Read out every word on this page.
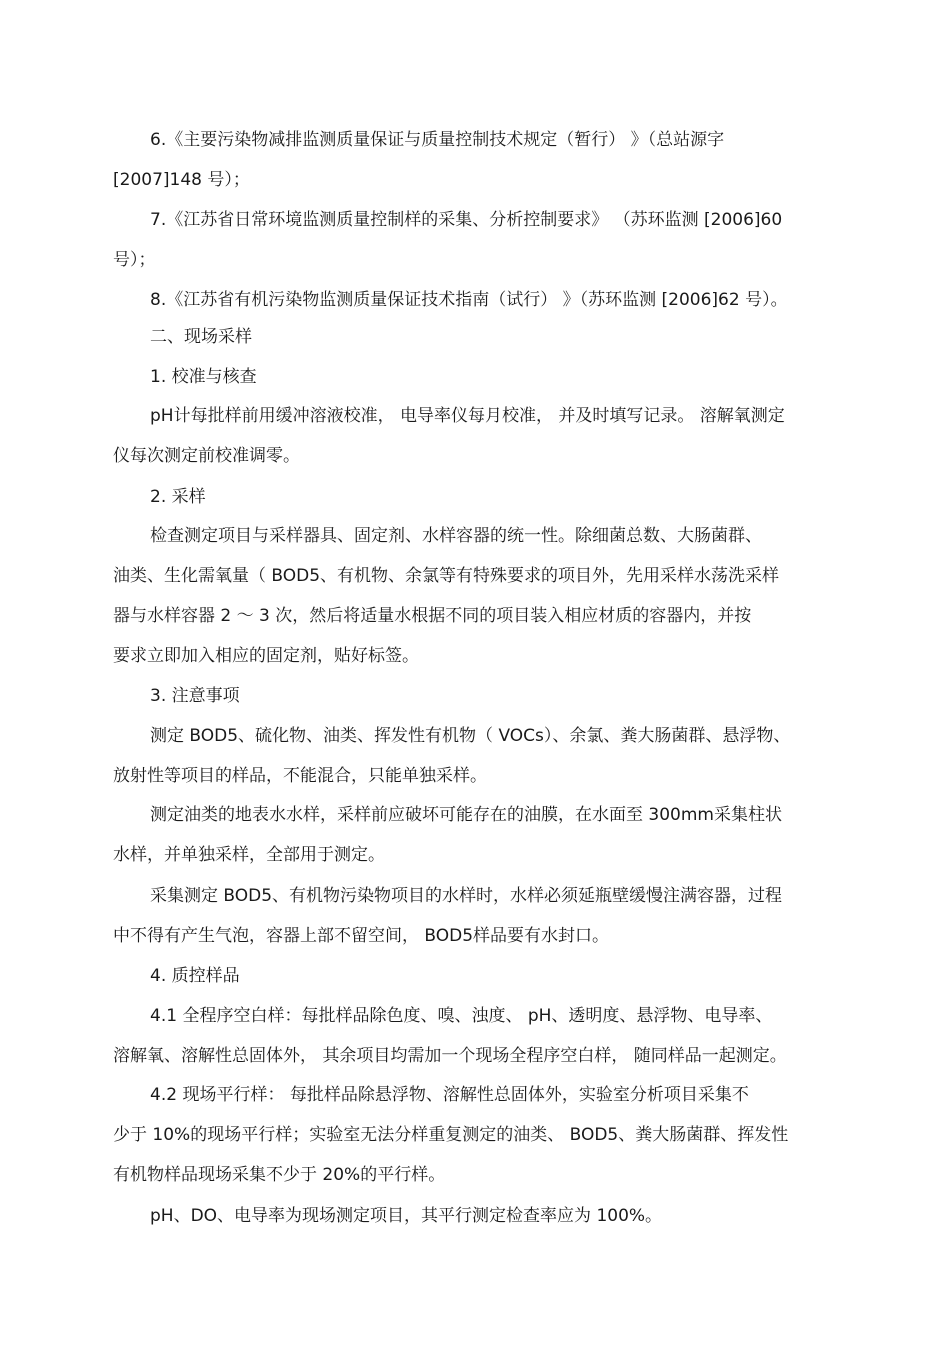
6.《主要污染物减排监测质量保证与质量控制技术规定（暂行） 》（总站源字
[2007]148 号）；
7.《江苏省日常环境监测质量控制样的采集、分析控制要求》 （苏环监测 [2006]60
号）；
8.《江苏省有机污染物监测质量保证技术指南（试行） 》（苏环监测 [2006]62 号）。
二、现场采样
1. 校准与核查
pH计每批样前用缓冲溶液校准， 电导率仪每月校准， 并及时填写记录。 溶解氧测定
仪每次测定前校准调零。
2. 采样
检查测定项目与采样器具、固定剂、水样容器的统一性。除细菌总数、大肠菌群、
油类、生化需氧量（ BOD5、有机物、余氯等有特殊要求的项目外，先用采样水荡洗采样
器与水样容器 2 ～ 3 次，然后将适量水根据不同的项目装入相应材质的容器内，并按
要求立即加入相应的固定剂，贴好标签。
3. 注意事项
测定 BOD5、硫化物、油类、挥发性有机物（ VOCs）、余氯、粪大肠菌群、悬浮物、
放射性等项目的样品，不能混合，只能单独采样。
测定油类的地表水水样，采样前应破坏可能存在的油膜，在水面至 300mm采集柱状
水样，并单独采样，全部用于测定。
采集测定 BOD5、有机物污染物项目的水样时，水样必须延瓶壁缓慢注满容器，过程
中不得有产生气泡，容器上部不留空间， BOD5样品要有水封口。
4. 质控样品
4.1 全程序空白样：每批样品除色度、嗅、浊度、 pH、透明度、悬浮物、电导率、
溶解氧、溶解性总固体外， 其余项目均需加一个现场全程序空白样， 随同样品一起测定。
4.2 现场平行样： 每批样品除悬浮物、溶解性总固体外，实验室分析项目采集不
少于 10%的现场平行样；实验室无法分样重复测定的油类、 BOD5、粪大肠菌群、挥发性
有机物样品现场采集不少于 20%的平行样。
pH、DO、电导率为现场测定项目，其平行测定检查率应为 100%。
